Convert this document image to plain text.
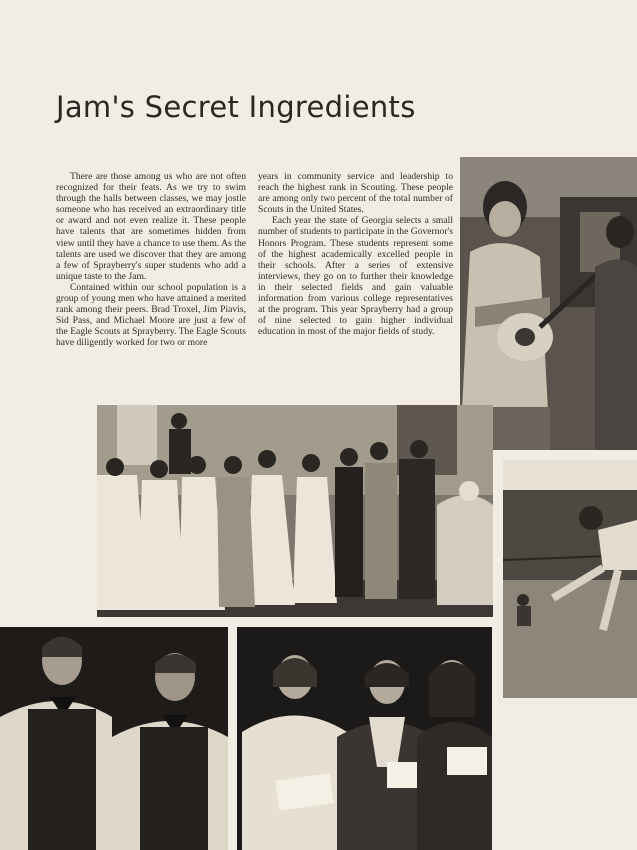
Jam's Secret Ingredients

There are those among us who are not often recognized for their feats. As we try to swim through the halls between classes, we may jostle someone who has received an extraordinary title or award and not even realize it. These people have talents that are sometimes hidden from view until they have a chance to use them. As the talents are used we discover that they are among a few of Sprayberry's super students who add a unique taste to the Jam.

Contained within our school population is a group of young men who have attained a merited rank among their peers. Brad Troxel, Jim Piavis, Sid Pass, and Michael Moore are just a few of the Eagle Scouts at Sprayberry. The Eagle Scouts have diligently worked for two or more

years in community service and leadership to reach the highest rank in Scouting. These people are among only two percent of the total number of Scouts in the United States.

Each year the state of Georgia selects a small number of students to participate in the Governor's Honors Program. These students represent some of the highest academically excelled people in their schools. After a series of extensive interviews, they go on to further their knowledge in their selected fields and gain valuable information from various college representatives at the program. This year Sprayberry had a group of nine selected to gain higher individual education in most of the major fields of study.
